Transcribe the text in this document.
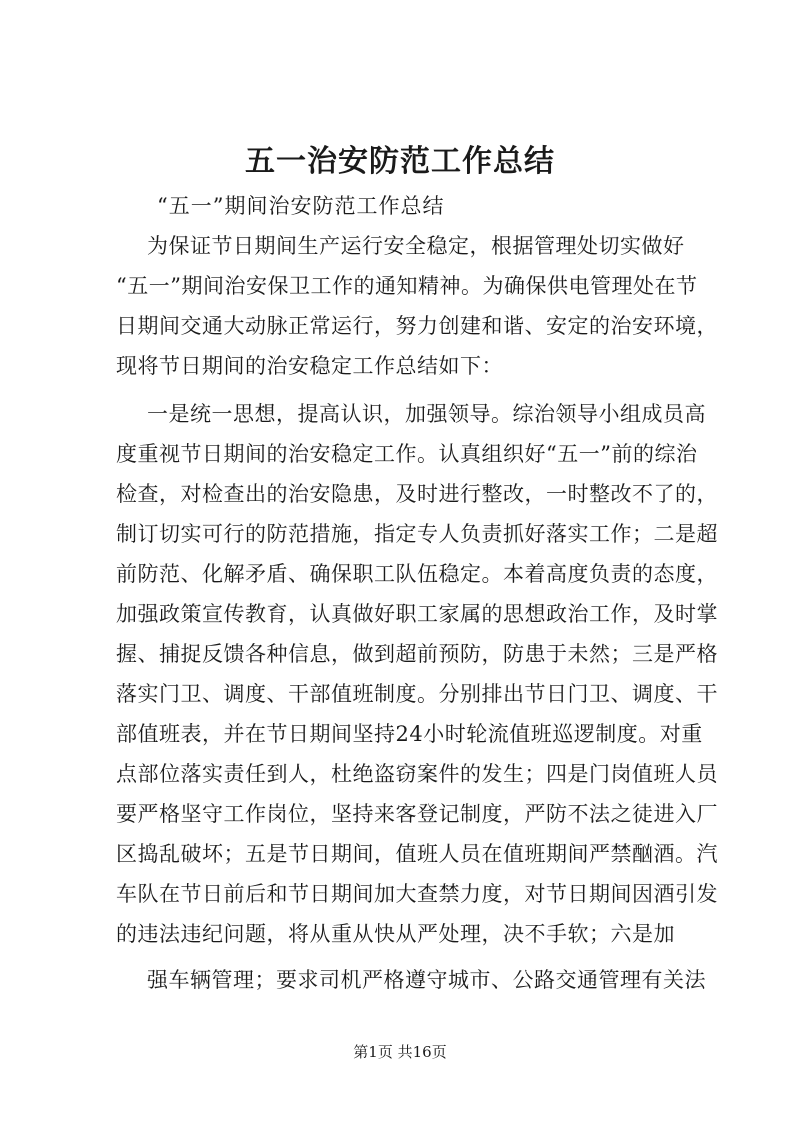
五一治安防范工作总结

“五一”期间治安防范工作总结

为保证节日期间生产运行安全稳定，根据管理处切实做好

“五一”期间治安保卫工作的通知精神。为确保供电管理处在节

日期间交通大动脉正常运行，努力创建和谐、安定的治安环境，

现将节日期间的治安稳定工作总结如下：

一是统一思想，提高认识，加强领导。综治领导小组成员高

度重视节日期间的治安稳定工作。认真组织好“五一”前的综治

检查，对检查出的治安隐患，及时进行整改，一时整改不了的，

制订切实可行的防范措施，指定专人负责抓好落实工作；二是超

前防范、化解矛盾、确保职工队伍稳定。本着高度负责的态度，

加强政策宣传教育，认真做好职工家属的思想政治工作，及时掌

握、捕捉反馈各种信息，做到超前预防，防患于未然；三是严格

落实门卫、调度、干部值班制度。分别排出节日门卫、调度、干

部值班表，并在节日期间坚持24小时轮流值班巡逻制度。对重

点部位落实责任到人，杜绝盗窃案件的发生；四是门岗值班人员

要严格坚守工作岗位，坚持来客登记制度，严防不法之徒进入厂

区捣乱破坏；五是节日期间，值班人员在值班期间严禁酗酒。汽

车队在节日前后和节日期间加大查禁力度，对节日期间因酒引发

的违法违纪问题，将从重从快从严处理，决不手软；六是加

强车辆管理；要求司机严格遵守城市、公路交通管理有关法

第1页 共16页
